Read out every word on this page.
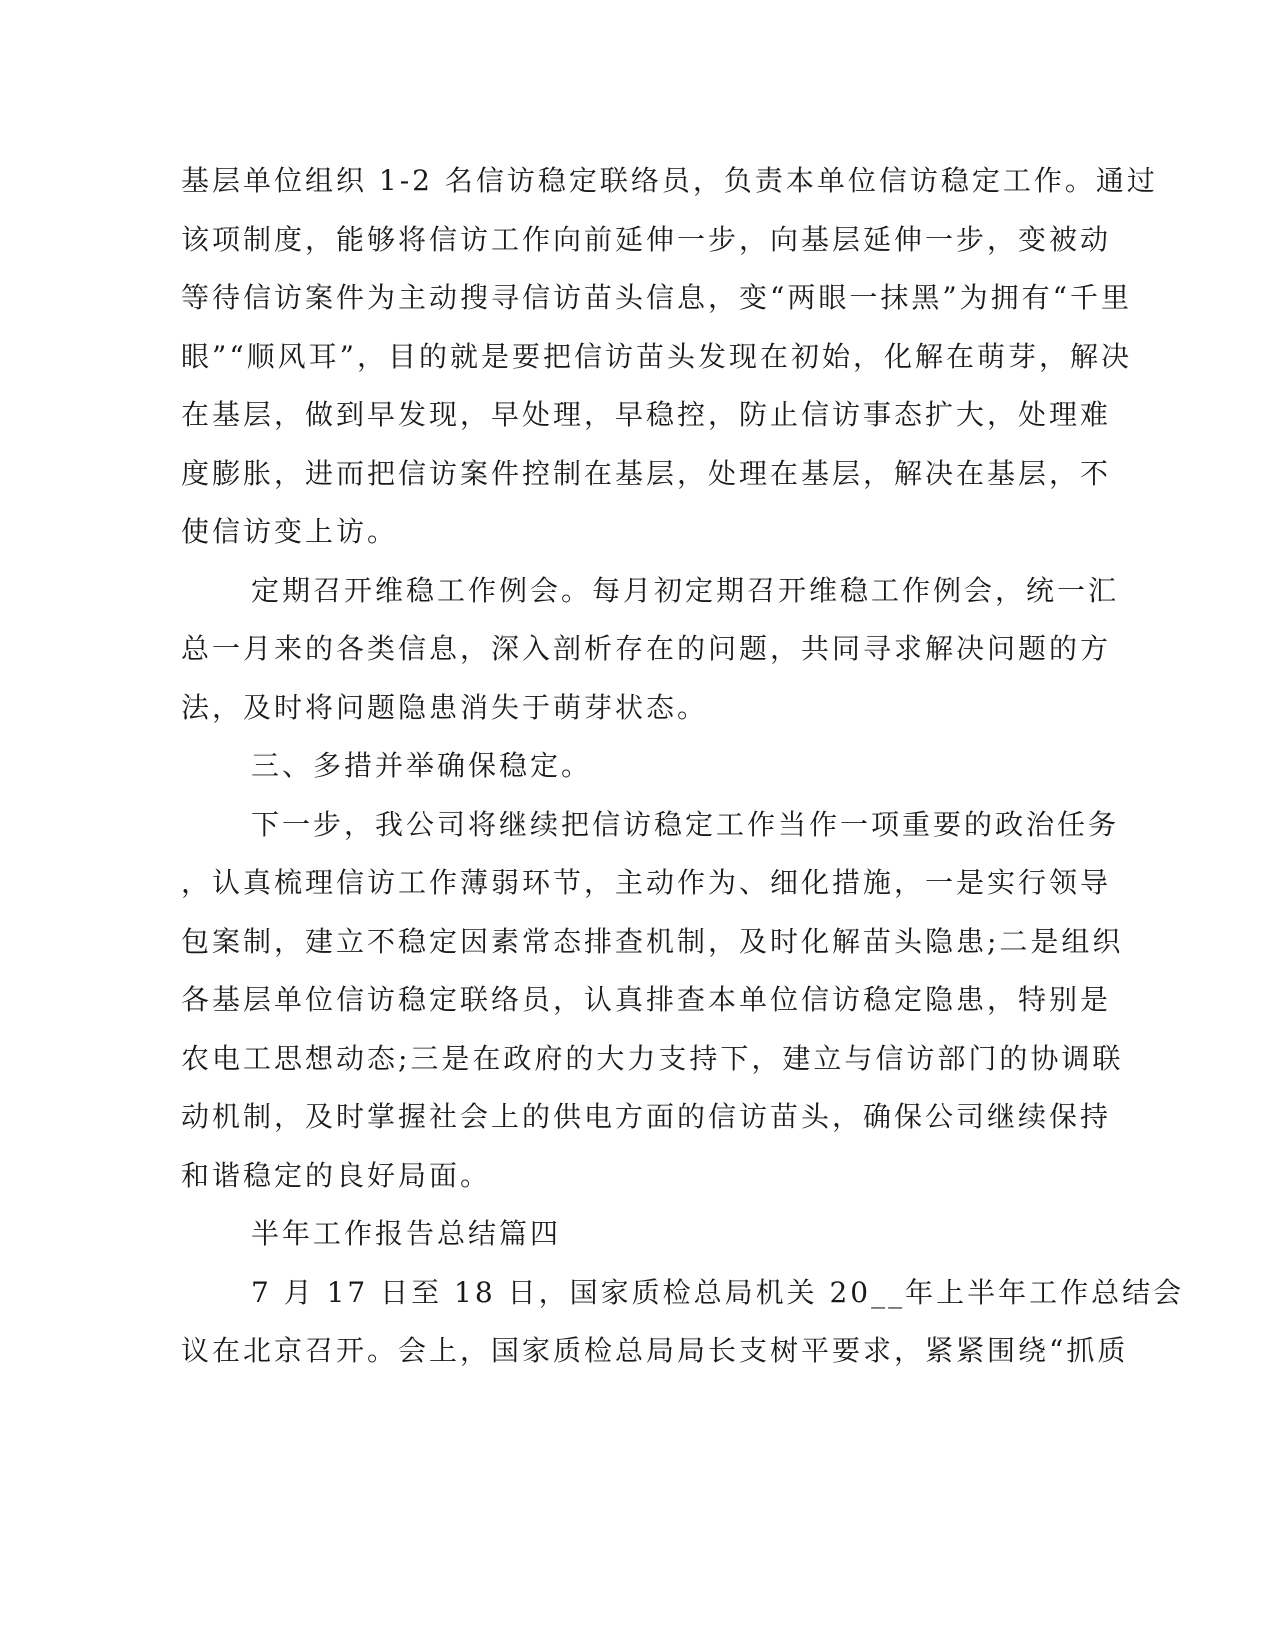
基层单位组织 1-2 名信访稳定联络员，负责本单位信访稳定工作。通过
该项制度，能够将信访工作向前延伸一步，向基层延伸一步，变被动
等待信访案件为主动搜寻信访苗头信息，变“两眼一抹黑”为拥有“千里
眼”“顺风耳”，目的就是要把信访苗头发现在初始，化解在萌芽，解决
在基层，做到早发现，早处理，早稳控，防止信访事态扩大，处理难
度膨胀，进而把信访案件控制在基层，处理在基层，解决在基层，不
使信访变上访。
定期召开维稳工作例会。每月初定期召开维稳工作例会，统一汇
总一月来的各类信息，深入剖析存在的问题，共同寻求解决问题的方
法，及时将问题隐患消失于萌芽状态。
三、多措并举确保稳定。
下一步，我公司将继续把信访稳定工作当作一项重要的政治任务
，认真梳理信访工作薄弱环节，主动作为、细化措施，一是实行领导
包案制，建立不稳定因素常态排查机制，及时化解苗头隐患;二是组织
各基层单位信访稳定联络员，认真排查本单位信访稳定隐患，特别是
农电工思想动态;三是在政府的大力支持下，建立与信访部门的协调联
动机制，及时掌握社会上的供电方面的信访苗头，确保公司继续保持
和谐稳定的良好局面。
半年工作报告总结篇四
7 月 17 日至 18 日，国家质检总局机关 20__年上半年工作总结会
议在北京召开。会上，国家质检总局局长支树平要求，紧紧围绕“抓质
